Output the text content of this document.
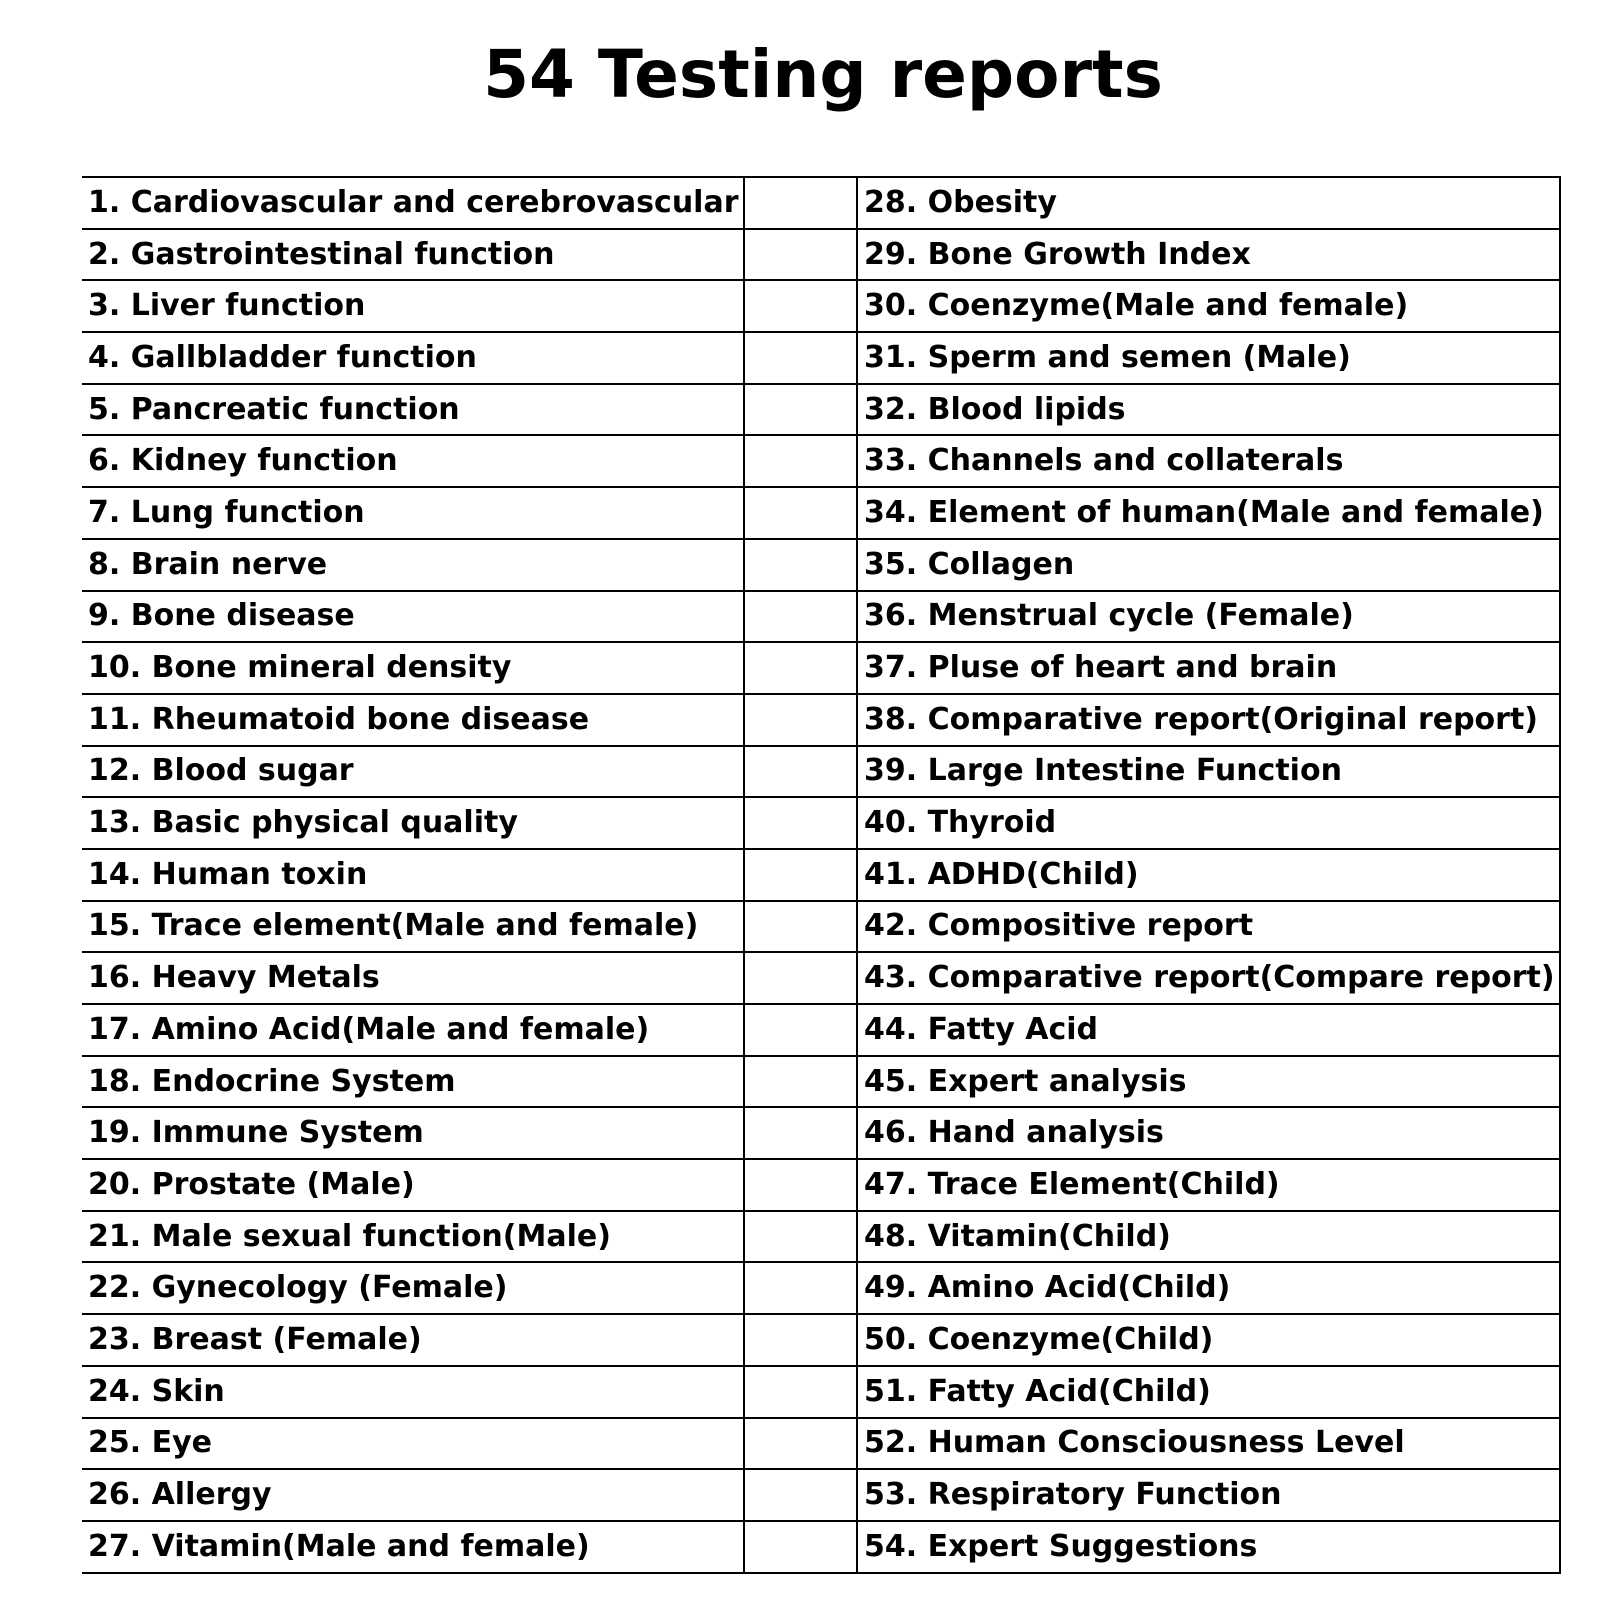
54 Testing reports
1. Cardiovascular and cerebrovascular		28. Obesity
2. Gastrointestinal function		29. Bone Growth Index
3. Liver function		30. Coenzyme(Male and female)
4. Gallbladder function		31. Sperm and semen (Male)
5. Pancreatic function		32. Blood lipids
6. Kidney function		33. Channels and collaterals
7. Lung function		34. Element of human(Male and female)
8. Brain nerve		35. Collagen
9. Bone disease		36. Menstrual cycle (Female)
10. Bone mineral density		37. Pluse of heart and brain
11. Rheumatoid bone disease		38. Comparative report(Original report)
12. Blood sugar		39. Large Intestine Function
13. Basic physical quality		40. Thyroid
14. Human toxin		41. ADHD(Child)
15. Trace element(Male and female)		42. Compositive report
16. Heavy Metals		43. Comparative report(Compare report)
17. Amino Acid(Male and female)		44. Fatty Acid
18. Endocrine System		45. Expert analysis
19. Immune System		46. Hand analysis
20. Prostate (Male)		47. Trace Element(Child)
21. Male sexual function(Male)		48. Vitamin(Child)
22. Gynecology (Female)		49. Amino Acid(Child)
23. Breast (Female)		50. Coenzyme(Child)
24. Skin		51. Fatty Acid(Child)
25. Eye		52. Human Consciousness Level
26. Allergy		53. Respiratory Function
27. Vitamin(Male and female)		54. Expert Suggestions
